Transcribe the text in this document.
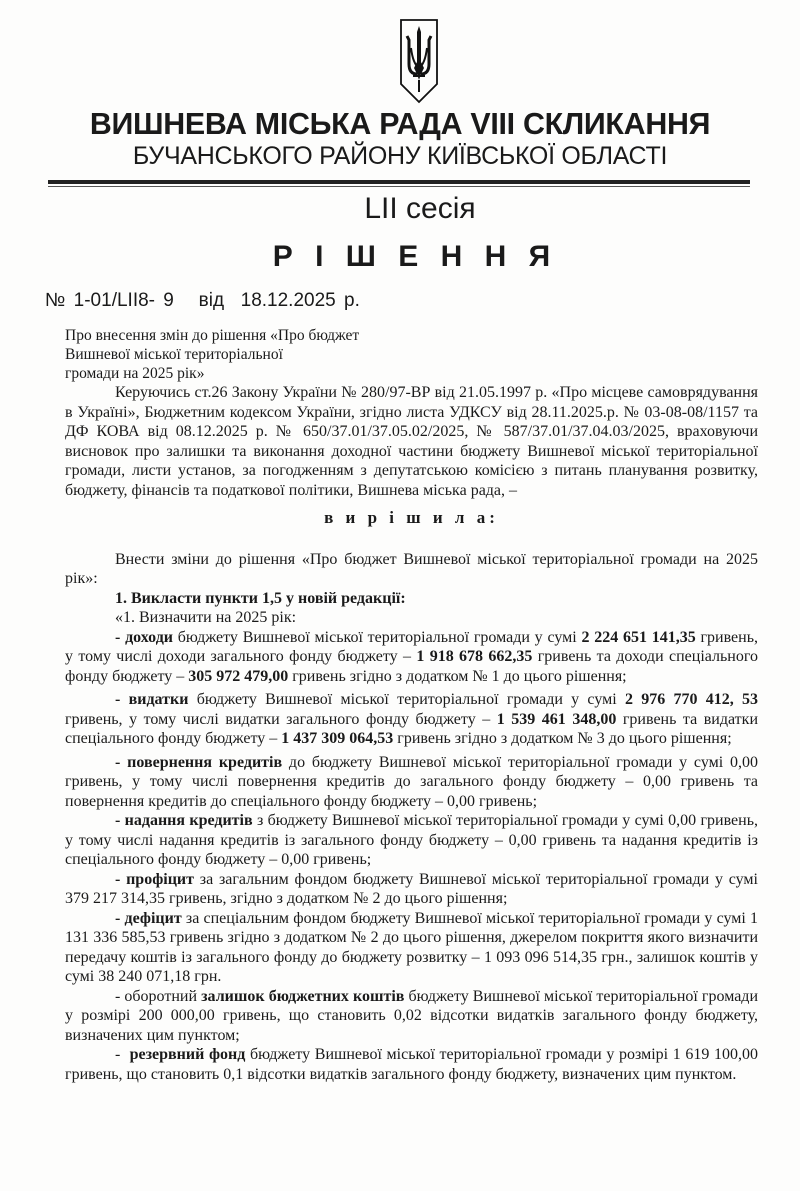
ВИШНЕВА МІСЬКА РАДА VIII СКЛИКАННЯ
БУЧАНСЬКОГО РАЙОНУ КИЇВСЬКОЇ ОБЛАСТІ
LII сесія
Р І Ш Е Н Н Я
№ 1-01/LII8- 9   від  18.12.2025 р.
Про внесення змін до рішення «Про бюджет
Вишневої міської територіальної
громади на 2025 рік»

Керуючись ст.26 Закону України № 280/97-ВР від 21.05.1997 р. «Про місцеве самоврядування в Україні», Бюджетним кодексом України, згідно листа УДКСУ від 28.11.2025.р. № 03-08-08/1157 та ДФ КОВА від 08.12.2025 р. № 650/37.01/37.05.02/2025, № 587/37.01/37.04.03/2025, враховуючи висновок про залишки та виконання доходної частини бюджету Вишневої міської територіальної громади, листи установ, за погодженням з депутатською комісією з питань планування розвитку, бюджету, фінансів та податкової політики, Вишнева міська рада, –

в и р і ш и л а:

Внести зміни до рішення «Про бюджет Вишневої міської територіальної громади на 2025 рік»:

1. Викласти пункти 1,5 у новій редакції:

«1. Визначити на 2025 рік:

- доходи бюджету Вишневої міської територіальної громади у сумі 2 224 651 141,35 гривень, у тому числі доходи загального фонду бюджету – 1 918 678 662,35 гривень та доходи спеціального фонду бюджету – 305 972 479,00 гривень згідно з додатком № 1 до цього рішення;

- видатки бюджету Вишневої міської територіальної громади у сумі 2 976 770 412, 53 гривень, у тому числі видатки загального фонду бюджету – 1 539 461 348,00 гривень та видатки спеціального фонду бюджету – 1 437 309 064,53 гривень згідно з додатком № 3 до цього рішення;

- повернення кредитів до бюджету Вишневої міської територіальної громади у сумі 0,00 гривень, у тому числі повернення кредитів до загального фонду бюджету – 0,00 гривень та повернення кредитів до спеціального фонду бюджету – 0,00 гривень;

- надання кредитів з бюджету Вишневої міської територіальної громади у сумі 0,00 гривень, у тому числі надання кредитів із загального фонду бюджету – 0,00 гривень та надання кредитів із спеціального фонду бюджету – 0,00 гривень;

- профіцит за загальним фондом бюджету Вишневої міської територіальної громади у сумі 379 217 314,35 гривень, згідно з додатком № 2 до цього рішення;

- дефіцит за спеціальним фондом бюджету Вишневої міської територіальної громади у сумі 1 131 336 585,53 гривень згідно з додатком № 2 до цього рішення, джерелом покриття якого визначити передачу коштів із загального фонду до бюджету розвитку – 1 093 096 514,35 грн., залишок коштів у сумі 38 240 071,18 грн.

- оборотний залишок бюджетних коштів бюджету Вишневої міської територіальної громади у розмірі 200 000,00 гривень, що становить 0,02 відсотки видатків загального фонду бюджету, визначених цим пунктом;

-  резервний фонд бюджету Вишневої міської територіальної громади у розмірі 1 619 100,00 гривень, що становить 0,1 відсотки видатків загального фонду бюджету, визначених цим пунктом.
